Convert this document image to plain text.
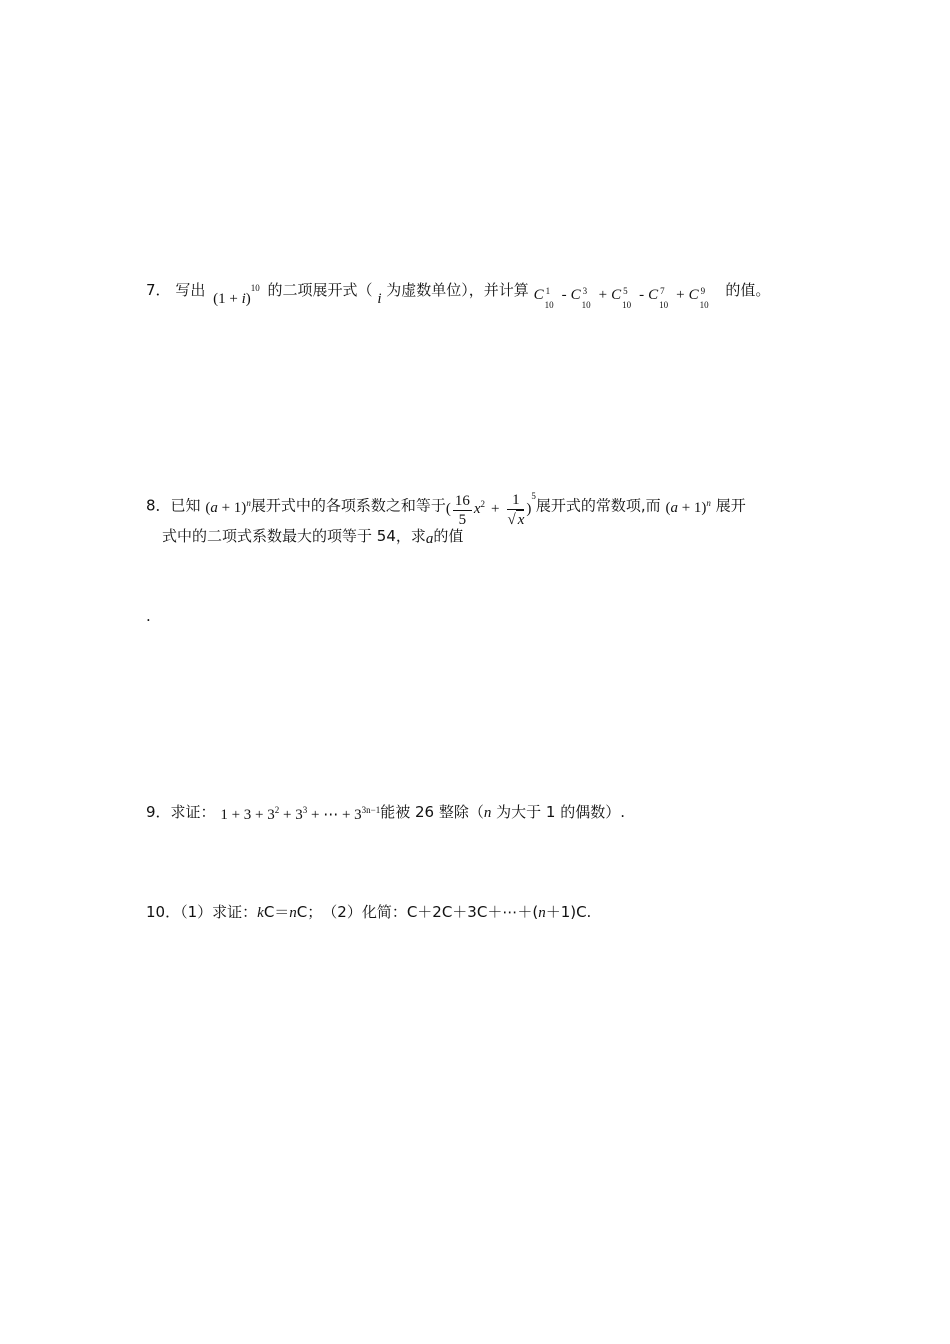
7． 写出 $(1 + i)^{10}$ 的二项展开式（ i 为虚数单位），并计算 C 1
10
- C 3
10
+ C 5
10
- C 7
10
+ C 9
10
的值。
8．已知 $(a + 1)^n$展开式中的各项系数之和等于( $\frac{16}{5} x^2 + \frac{1}{√ x} )^5$展开式的常数项,而 $(a + 1)^n$ 展开
式中的二项式系数最大的项等于 54，求a的值
.
9．求证： $1 + 3 + 3^2 + 3^3$ + ⋯ + $3^{3n-1}$能被 26 整除（n 为大于 1 的偶数）.
10．（1）求证：kC＝nC；　（2）化简：C＋2C＋3C＋⋯＋(n＋1)C.
